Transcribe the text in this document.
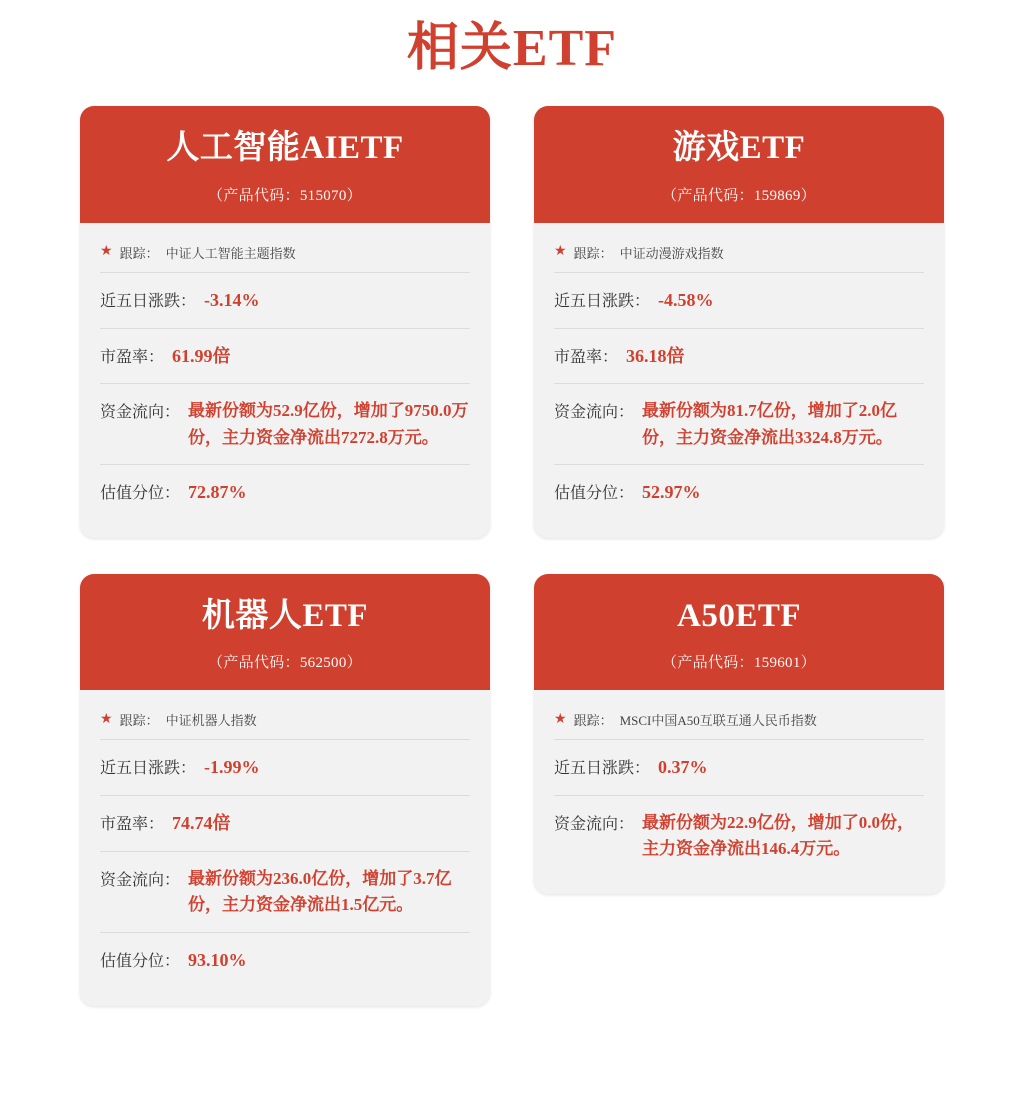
相关ETF
人工智能AIETF
（产品代码：515070）
★ 跟踪： 中证人工智能主题指数
近五日涨跌： -3.14%
市盈率： 61.99倍
资金流向： 最新份额为52.9亿份，增加了9750.0万份，主力资金净流出7272.8万元。
估值分位： 72.87%
游戏ETF
（产品代码：159869）
★ 跟踪： 中证动漫游戏指数
近五日涨跌： -4.58%
市盈率： 36.18倍
资金流向： 最新份额为81.7亿份，增加了2.0亿份，主力资金净流出3324.8万元。
估值分位： 52.97%
机器人ETF
（产品代码：562500）
★ 跟踪： 中证机器人指数
近五日涨跌： -1.99%
市盈率： 74.74倍
资金流向： 最新份额为236.0亿份，增加了3.7亿份，主力资金净流出1.5亿元。
估值分位： 93.10%
A50ETF
（产品代码：159601）
★ 跟踪： MSCI中国A50互联互通人民币指数
近五日涨跌： 0.37%
资金流向： 最新份额为22.9亿份，增加了0.0份，主力资金净流出146.4万元。
